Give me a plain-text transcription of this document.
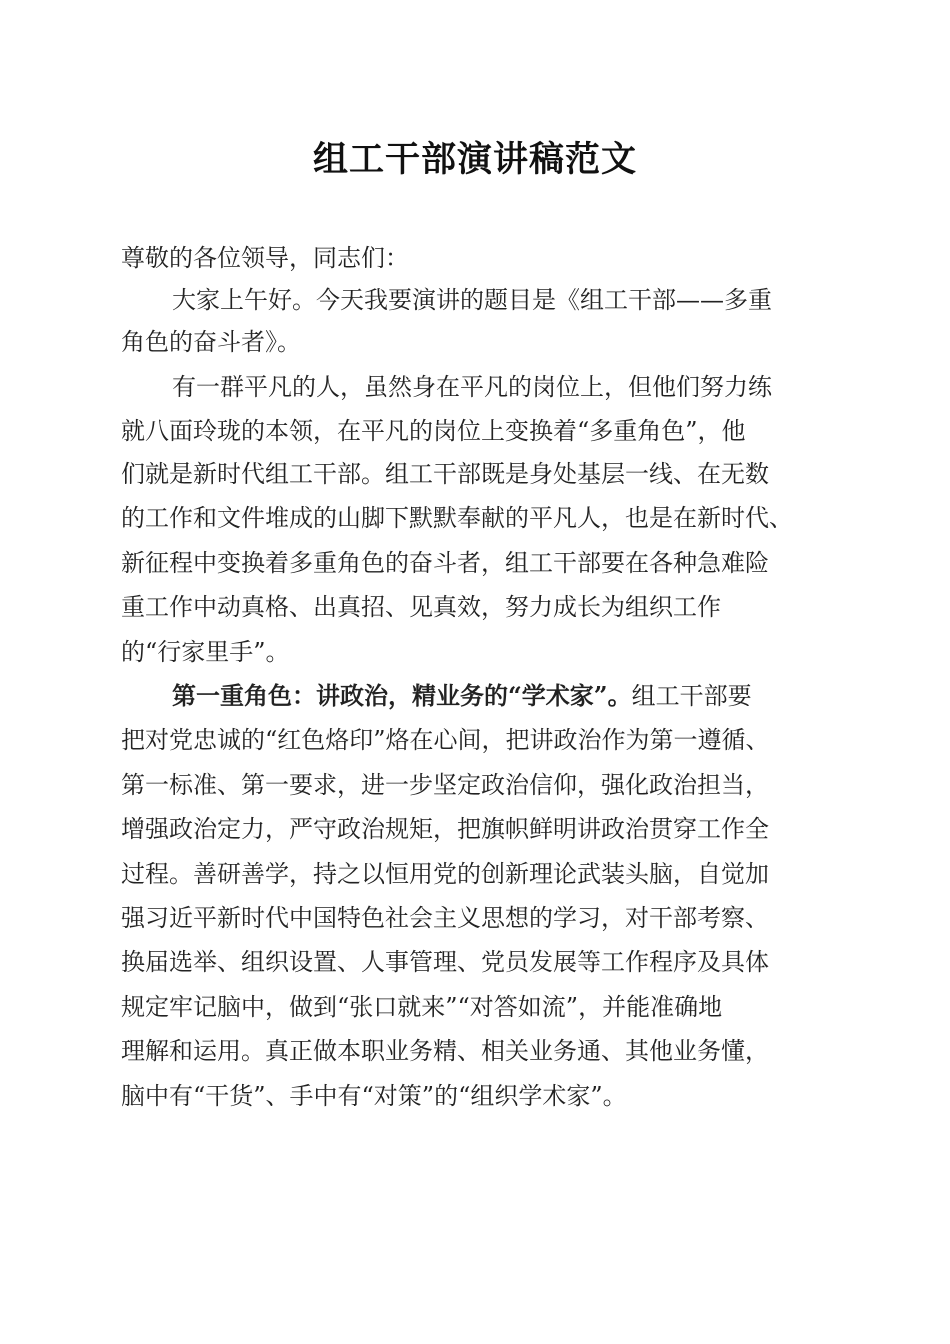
组工干部演讲稿范文
尊敬的各位领导，同志们：
大家上午好。今天我要演讲的题目是《组工干部——多重
角色的奋斗者》。
有一群平凡的人，虽然身在平凡的岗位上，但他们努力练
就八面玲珑的本领，在平凡的岗位上变换着“多重角色”，他
们就是新时代组工干部。组工干部既是身处基层一线、在无数
的工作和文件堆成的山脚下默默奉献的平凡人，也是在新时代、
新征程中变换着多重角色的奋斗者，组工干部要在各种急难险
重工作中动真格、出真招、见真效，努力成长为组织工作
的“行家里手”。
第一重角色：讲政治，精业务的“学术家”。组工干部要
把对党忠诚的“红色烙印”烙在心间，把讲政治作为第一遵循、
第一标准、第一要求，进一步坚定政治信仰，强化政治担当，
增强政治定力，严守政治规矩，把旗帜鲜明讲政治贯穿工作全
过程。善研善学，持之以恒用党的创新理论武装头脑，自觉加
强习近平新时代中国特色社会主义思想的学习，对干部考察、
换届选举、组织设置、人事管理、党员发展等工作程序及具体
规定牢记脑中，做到“张口就来”“对答如流”，并能准确地
理解和运用。真正做本职业务精、相关业务通、其他业务懂，
脑中有“干货”、手中有“对策”的“组织学术家”。
